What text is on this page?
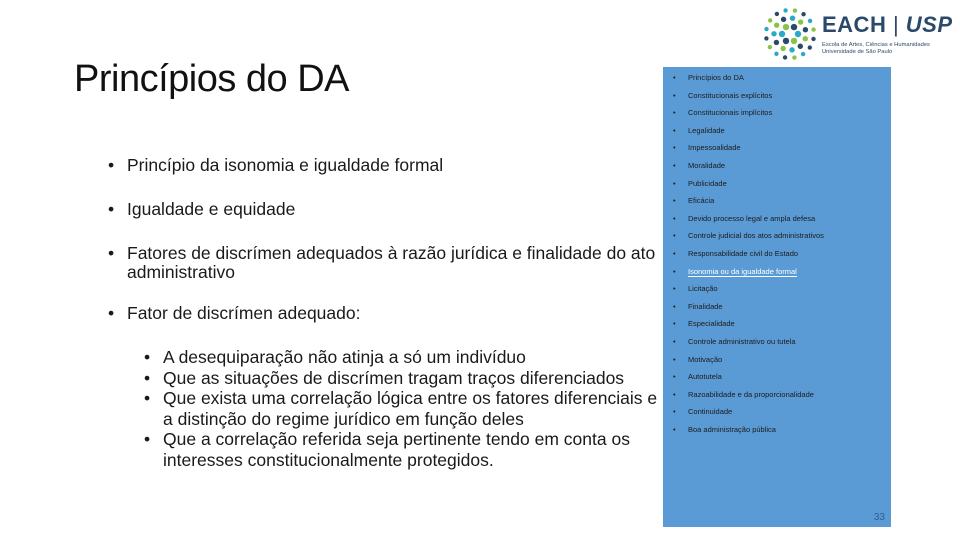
Princípios do DA
• Princípio da isonomia e igualdade formal
• Igualdade e equidade
• Fatores de discrímen adequados à razão jurídica e finalidade do ato administrativo
• Fator de discrímen adequado:
• A desequiparação não atinja a só um indivíduo
• Que as situações de discrímen tragam traços diferenciados
• Que exista uma correlação lógica entre os fatores diferenciais e a distinção do regime jurídico em função deles
• Que a correlação referida seja pertinente tendo em conta os interesses constitucionalmente protegidos.
EACH | USP
Escola de Artes, Ciências e Humanidades
Universidade de São Paulo
• Princípios do DA
• Constitucionais explícitos
• Constitucionais implícitos
• Legalidade
• Impessoalidade
• Moralidade
• Publicidade
• Eficácia
• Devido processo legal e ampla defesa
• Controle judicial dos atos administrativos
• Responsabilidade civil do Estado
• Isonomia ou da igualdade formal
• Licitação
• Finalidade
• Especialidade
• Controle administrativo ou tutela
• Motivação
• Autotutela
• Razoabilidade e da proporcionalidade
• Continuidade
• Boa administração pública
33
